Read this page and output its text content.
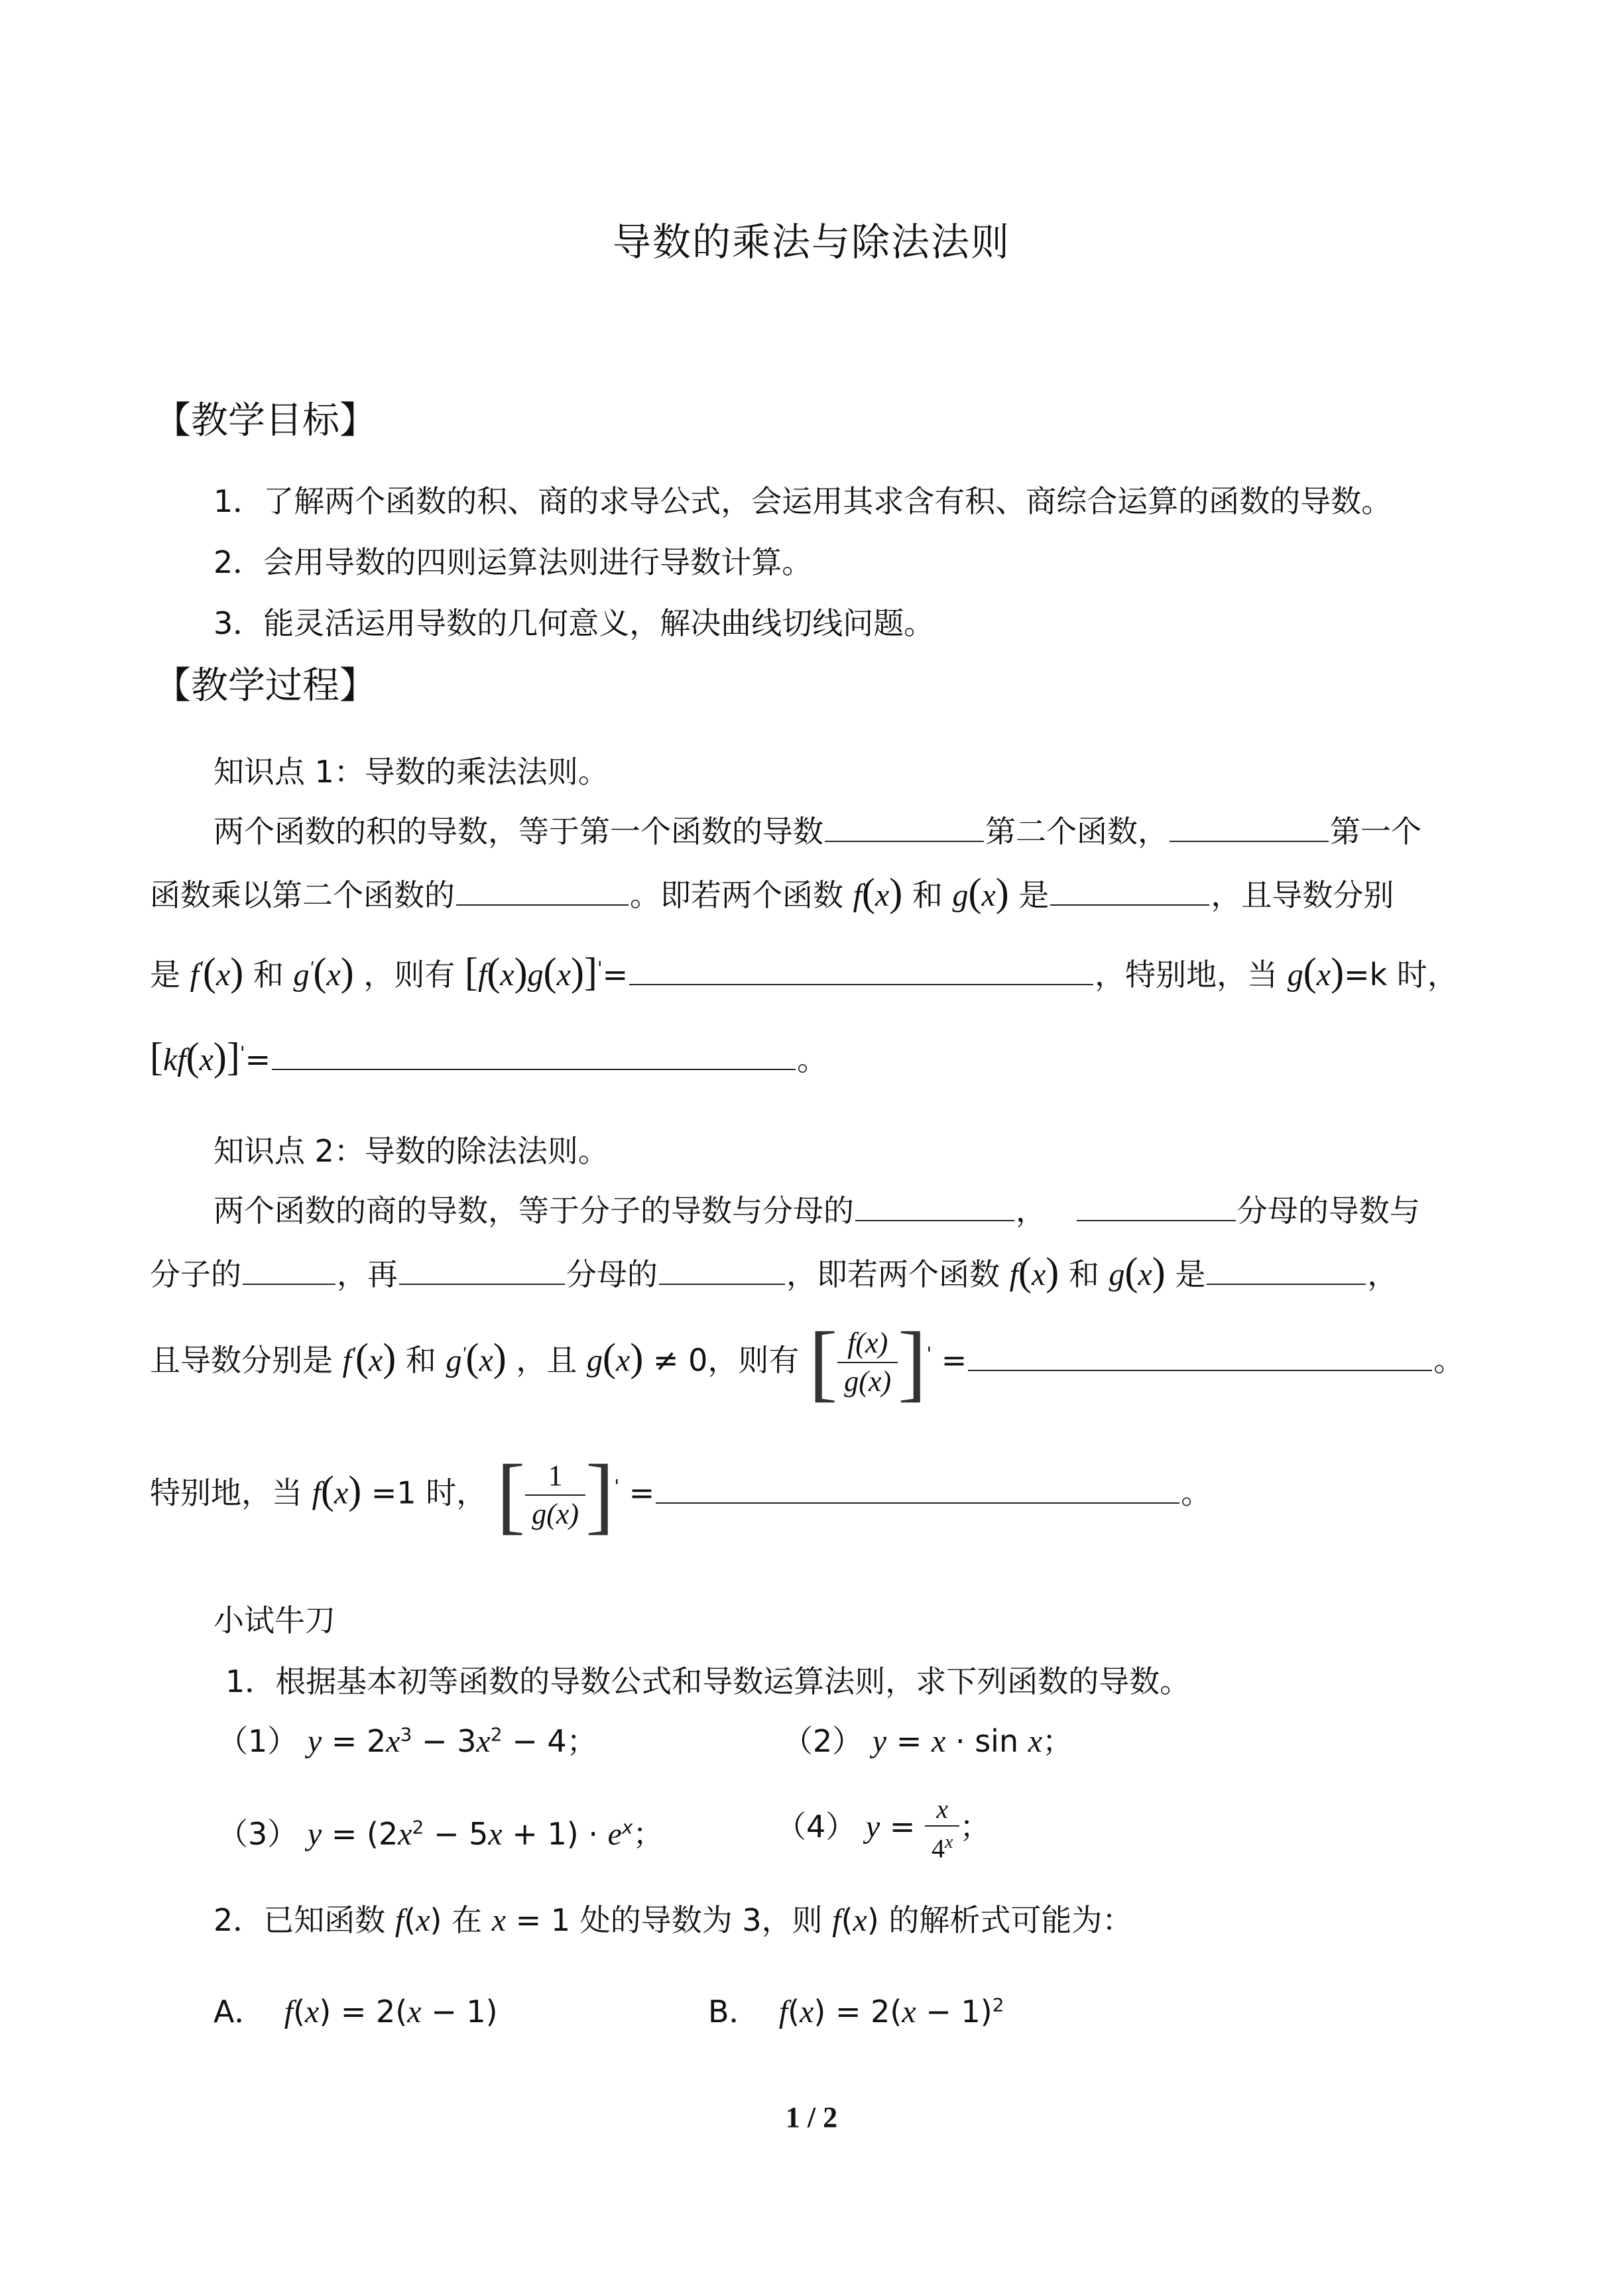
导数的乘法与除法法则
【教学目标】
1．了解两个函数的积、商的求导公式，会运用其求含有积、商综合运算的函数的导数。
2．会用导数的四则运算法则进行导数计算。
3．能灵活运用导数的几何意义，解决曲线切线问题。
【教学过程】
知识点 1：导数的乘法法则。
两个函数的积的导数，等于第一个函数的导数	第二个函数，	第一个
函数乘以第二个函数的	。即若两个函数 f(x) 和 g(x) 是	，且导数分别
是 f'(x) 和 g'(x) ，则有 [f(x)g(x)]'=	，特别地，当 g(x)=k 时，
[kf(x)]'=	。
知识点 2：导数的除法法则。
两个函数的商的导数，等于分子的导数与分母的	，	分母的导数与
分子的	，再	分母的	，即若两个函数 f(x) 和 g(x) 是	，
且导数分别是 f'(x) 和 g'(x) ，且 g(x) ≠ 0，则有 [ $\frac{f(x)}{g(x)} ]'$ =	。
特别地，当 f(x) =1 时， [ $\frac{1}{g(x)} ]'$ =	。
小试牛刀
1．根据基本初等函数的导数公式和导数运算法则，求下列函数的导数。
（1） $y = 2x^3 - 3x^2 - 4$；	（2） y = x · sin x；
（3） $y = (2x^2 - 5x + 1) \cdot e^x$；	（4） $y = \frac{x}{4^x}$ ；
2．已知函数 f(x) 在 x = 1 处的导数为 3，则 f(x) 的解析式可能为：
A． f(x) = 2(x − 1)	B． $f(x) = 2(x - 1)^2$
1 / 2
